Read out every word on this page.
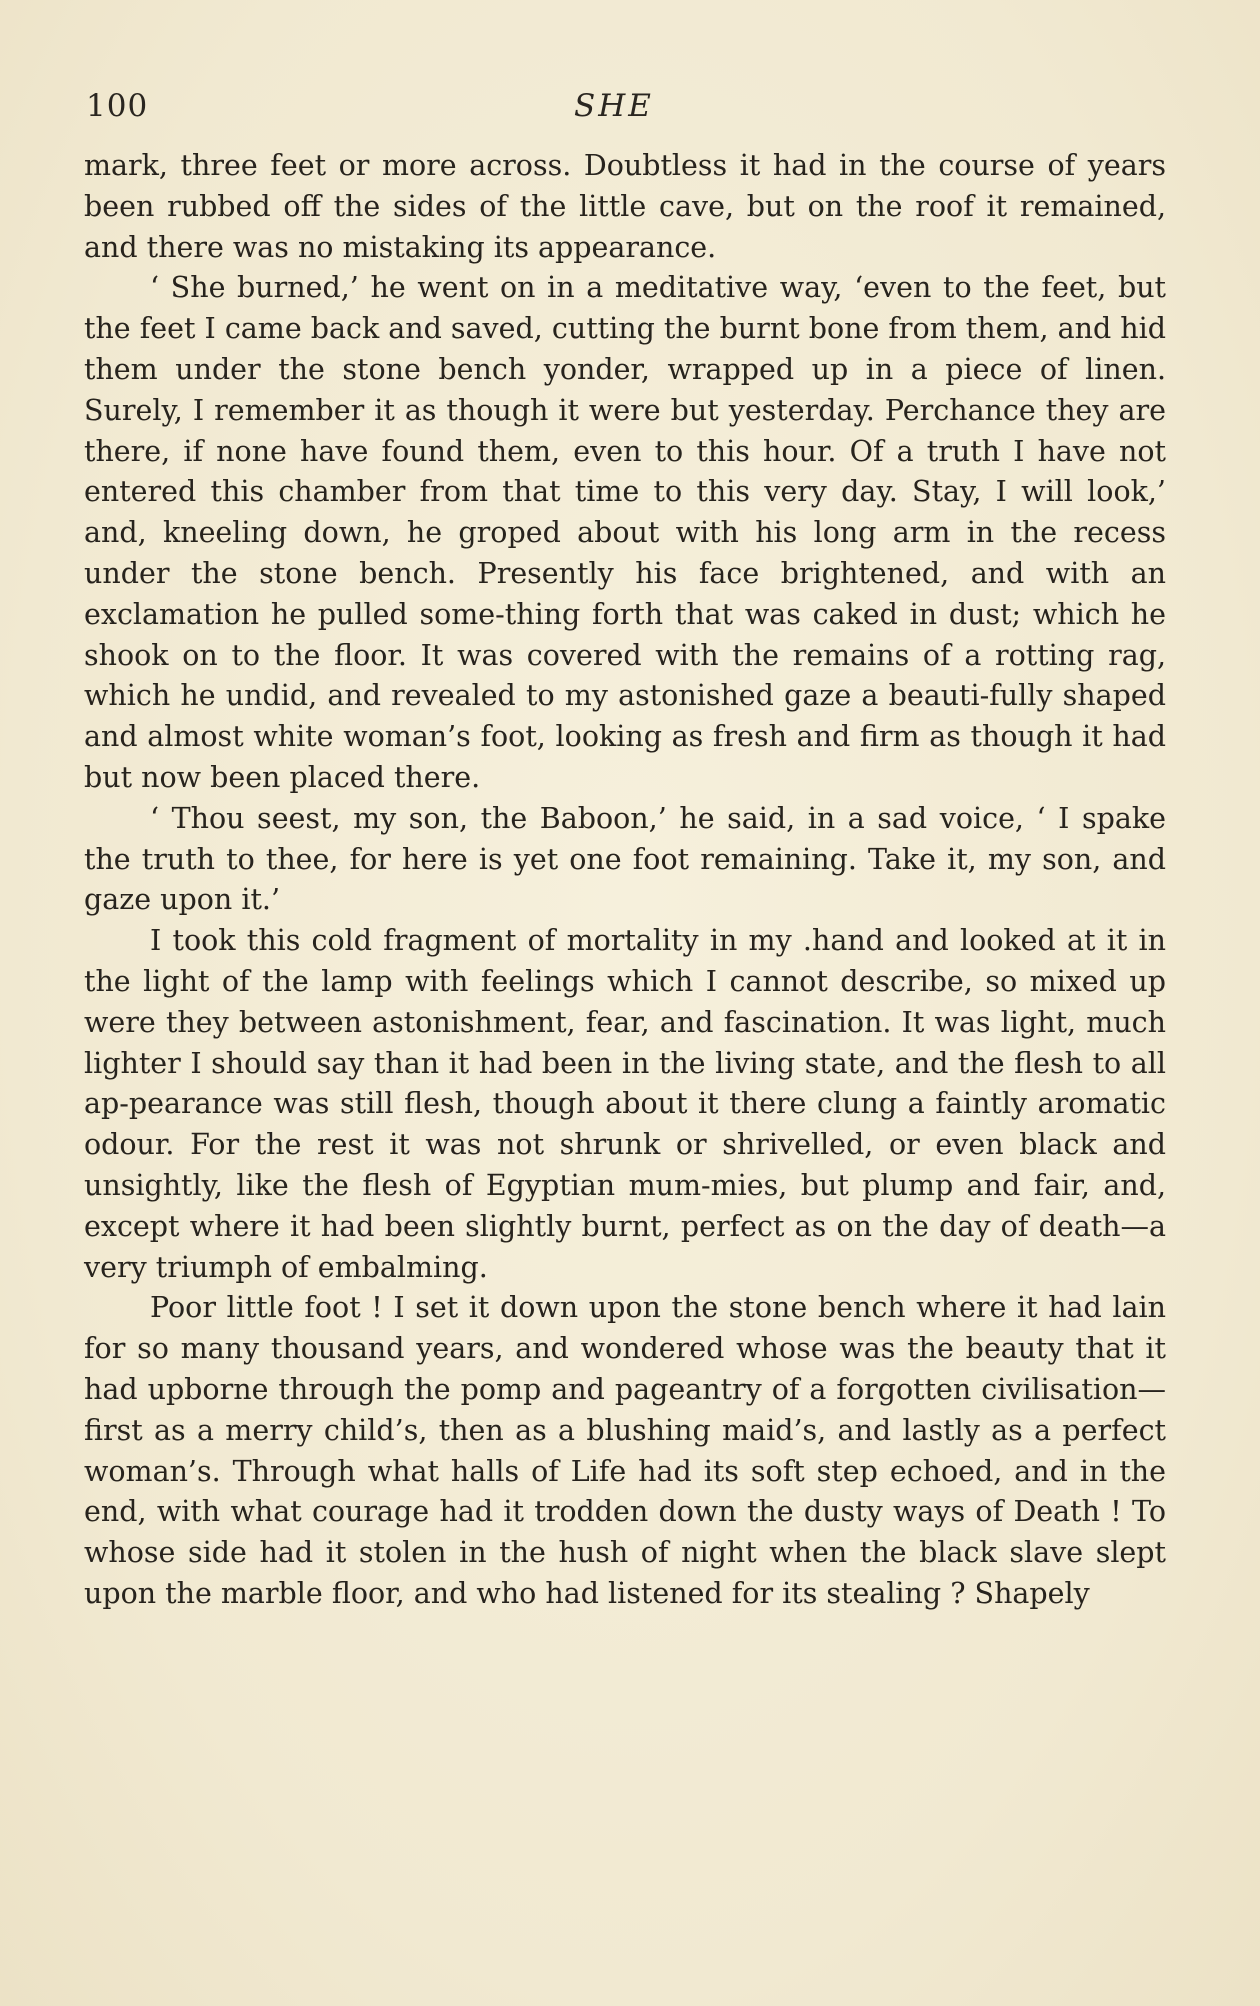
100	SHE

mark, three feet or more across. Doubtless it had in the course of years been rubbed off the sides of the little cave, but on the roof it remained, and there was no mistaking its appearance.

‘ She burned,’ he went on in a meditative way, ‘even to the feet, but the feet I came back and saved, cutting the burnt bone from them, and hid them under the stone bench yonder, wrapped up in a piece of linen. Surely, I remember it as though it were but yesterday. Perchance they are there, if none have found them, even to this hour. Of a truth I have not entered this chamber from that time to this very day. Stay, I will look,’ and, kneeling down, he groped about with his long arm in the recess under the stone bench. Presently his face brightened, and with an exclamation he pulled some-thing forth that was caked in dust; which he shook on to the floor. It was covered with the remains of a rotting rag, which he undid, and revealed to my astonished gaze a beauti-fully shaped and almost white woman’s foot, looking as fresh and firm as though it had but now been placed there.

‘ Thou seest, my son, the Baboon,’ he said, in a sad voice, ‘ I spake the truth to thee, for here is yet one foot remaining. Take it, my son, and gaze upon it.’

I took this cold fragment of mortality in my .hand and looked at it in the light of the lamp with feelings which I cannot describe, so mixed up were they between astonishment, fear, and fascination. It was light, much lighter I should say than it had been in the living state, and the flesh to all ap-pearance was still flesh, though about it there clung a faintly aromatic odour. For the rest it was not shrunk or shrivelled, or even black and unsightly, like the flesh of Egyptian mum-mies, but plump and fair, and, except where it had been slightly burnt, perfect as on the day of death—a very triumph of embalming.

Poor little foot ! I set it down upon the stone bench where it had lain for so many thousand years, and wondered whose was the beauty that it had upborne through the pomp and pageantry of a forgotten civilisation—first as a merry child’s, then as a blushing maid’s, and lastly as a perfect woman’s. Through what halls of Life had its soft step echoed, and in the end, with what courage had it trodden down the dusty ways of Death ! To whose side had it stolen in the hush of night when the black slave slept upon the marble floor, and who had listened for its stealing ? Shapely
